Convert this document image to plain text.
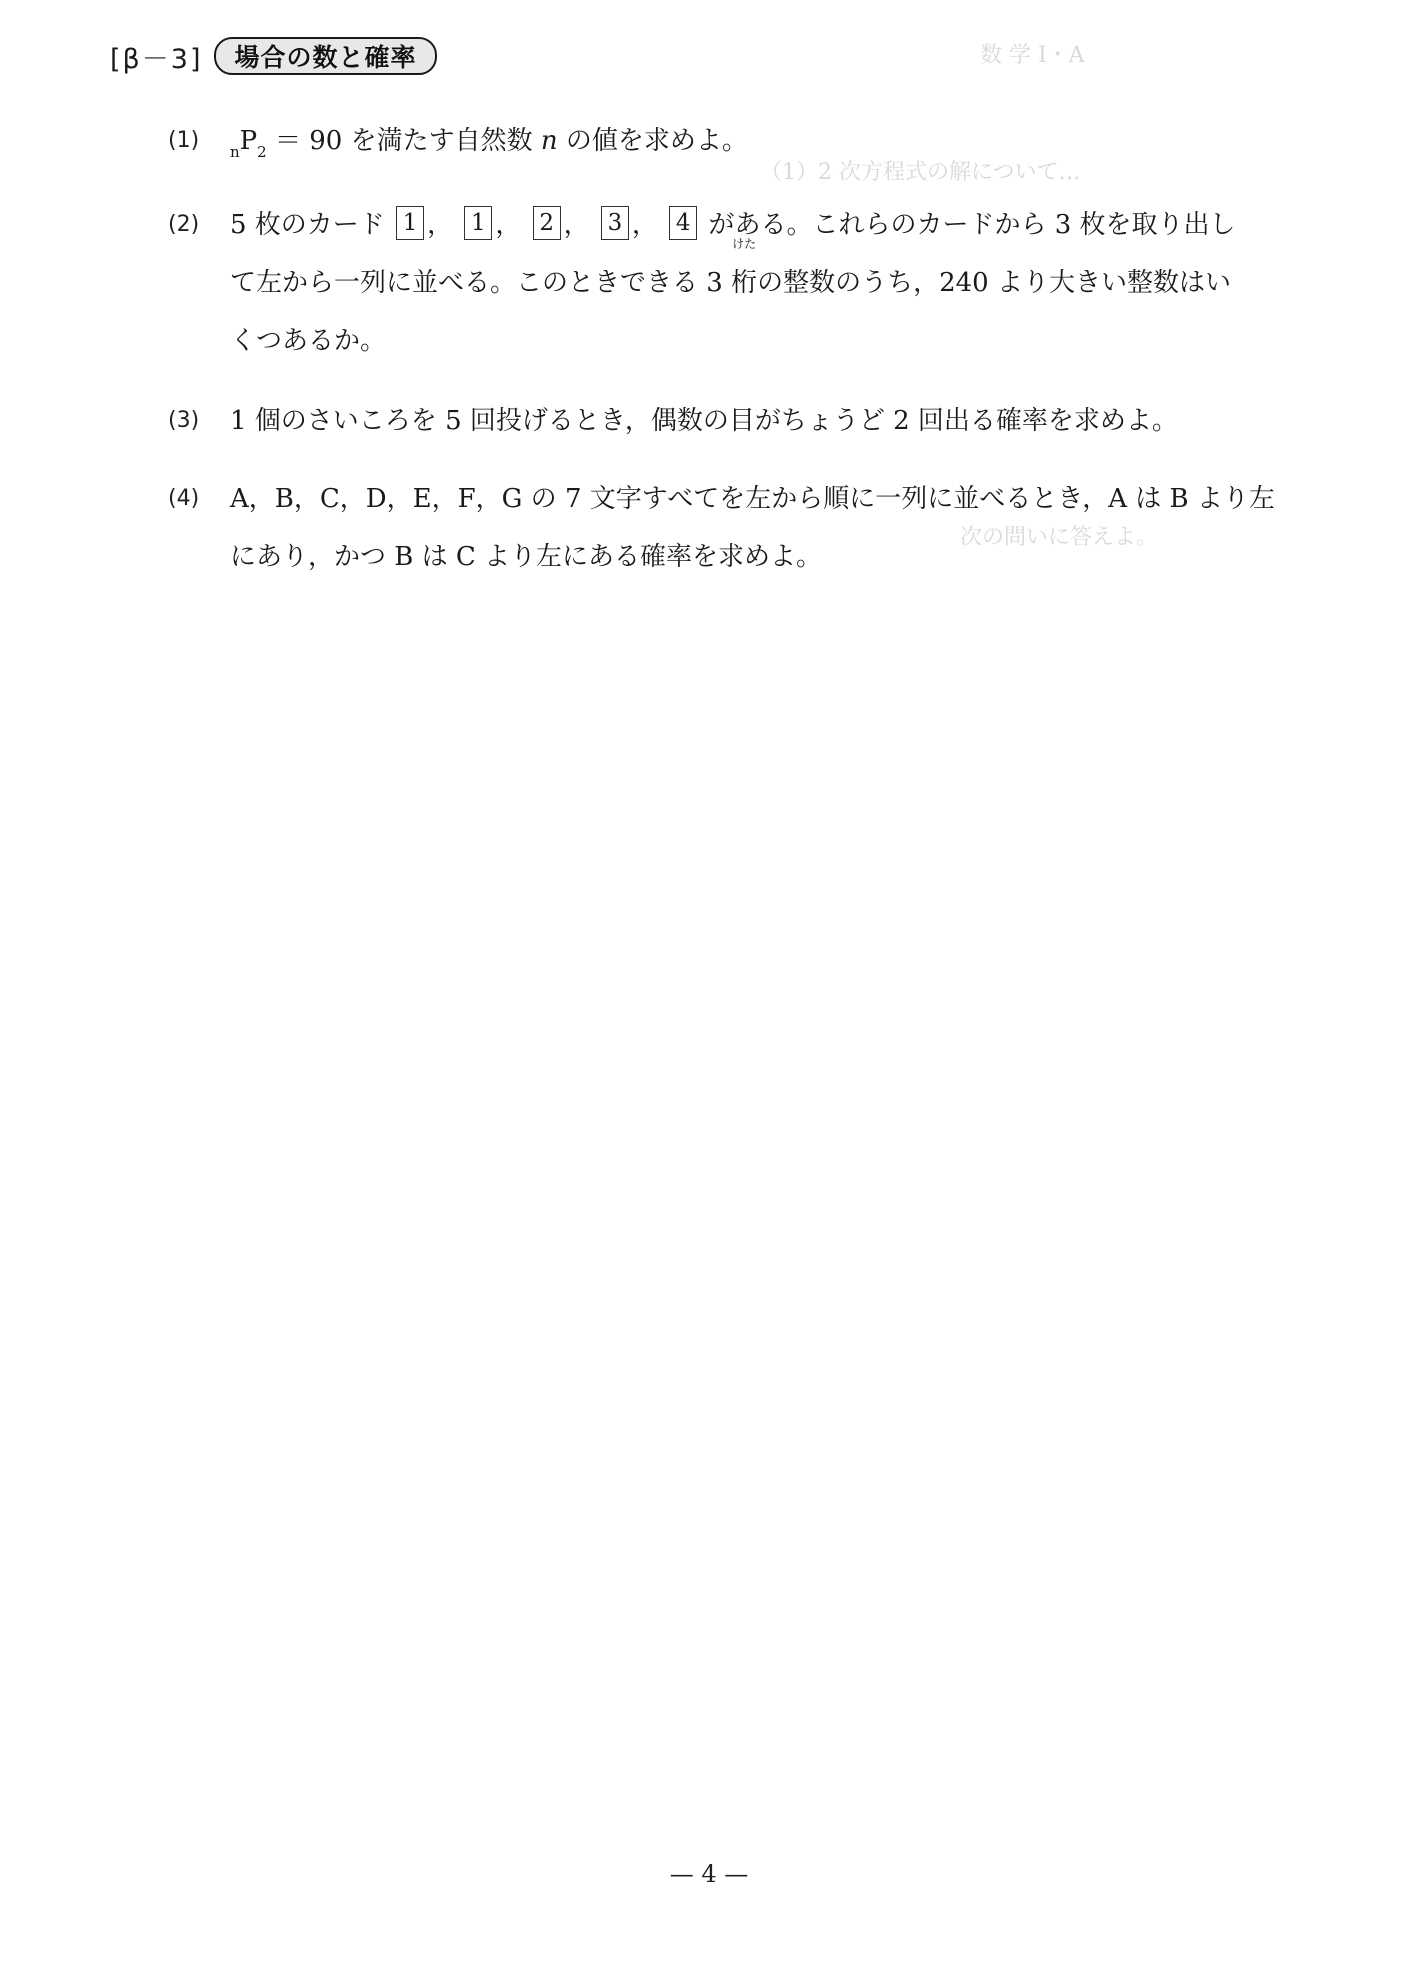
数 学 Ⅰ・A
（1）2 次方程式の解について…
次の問いに答えよ。
[β－3]	場合の数と確率
(1) $_nP_2 = 90$ を満たす自然数 n の値を求めよ。
(2) 5 枚のカード 1 ， 1 ， 2 ， 3 ， 4 がある。これらのカードから 3 枚を取り出し
て左から一列に並べる。このときできる 3
けた
桁の整数のうち，240 より大きい整数はい
くつあるか。
(3) 1 個のさいころを 5 回投げるとき，偶数の目がちょうど 2 回出る確率を求めよ。
(4) A，B，C，D，E，F，G の 7 文字すべてを左から順に一列に並べるとき，A は B より左
にあり，かつ B は C より左にある確率を求めよ。
— 4 —
